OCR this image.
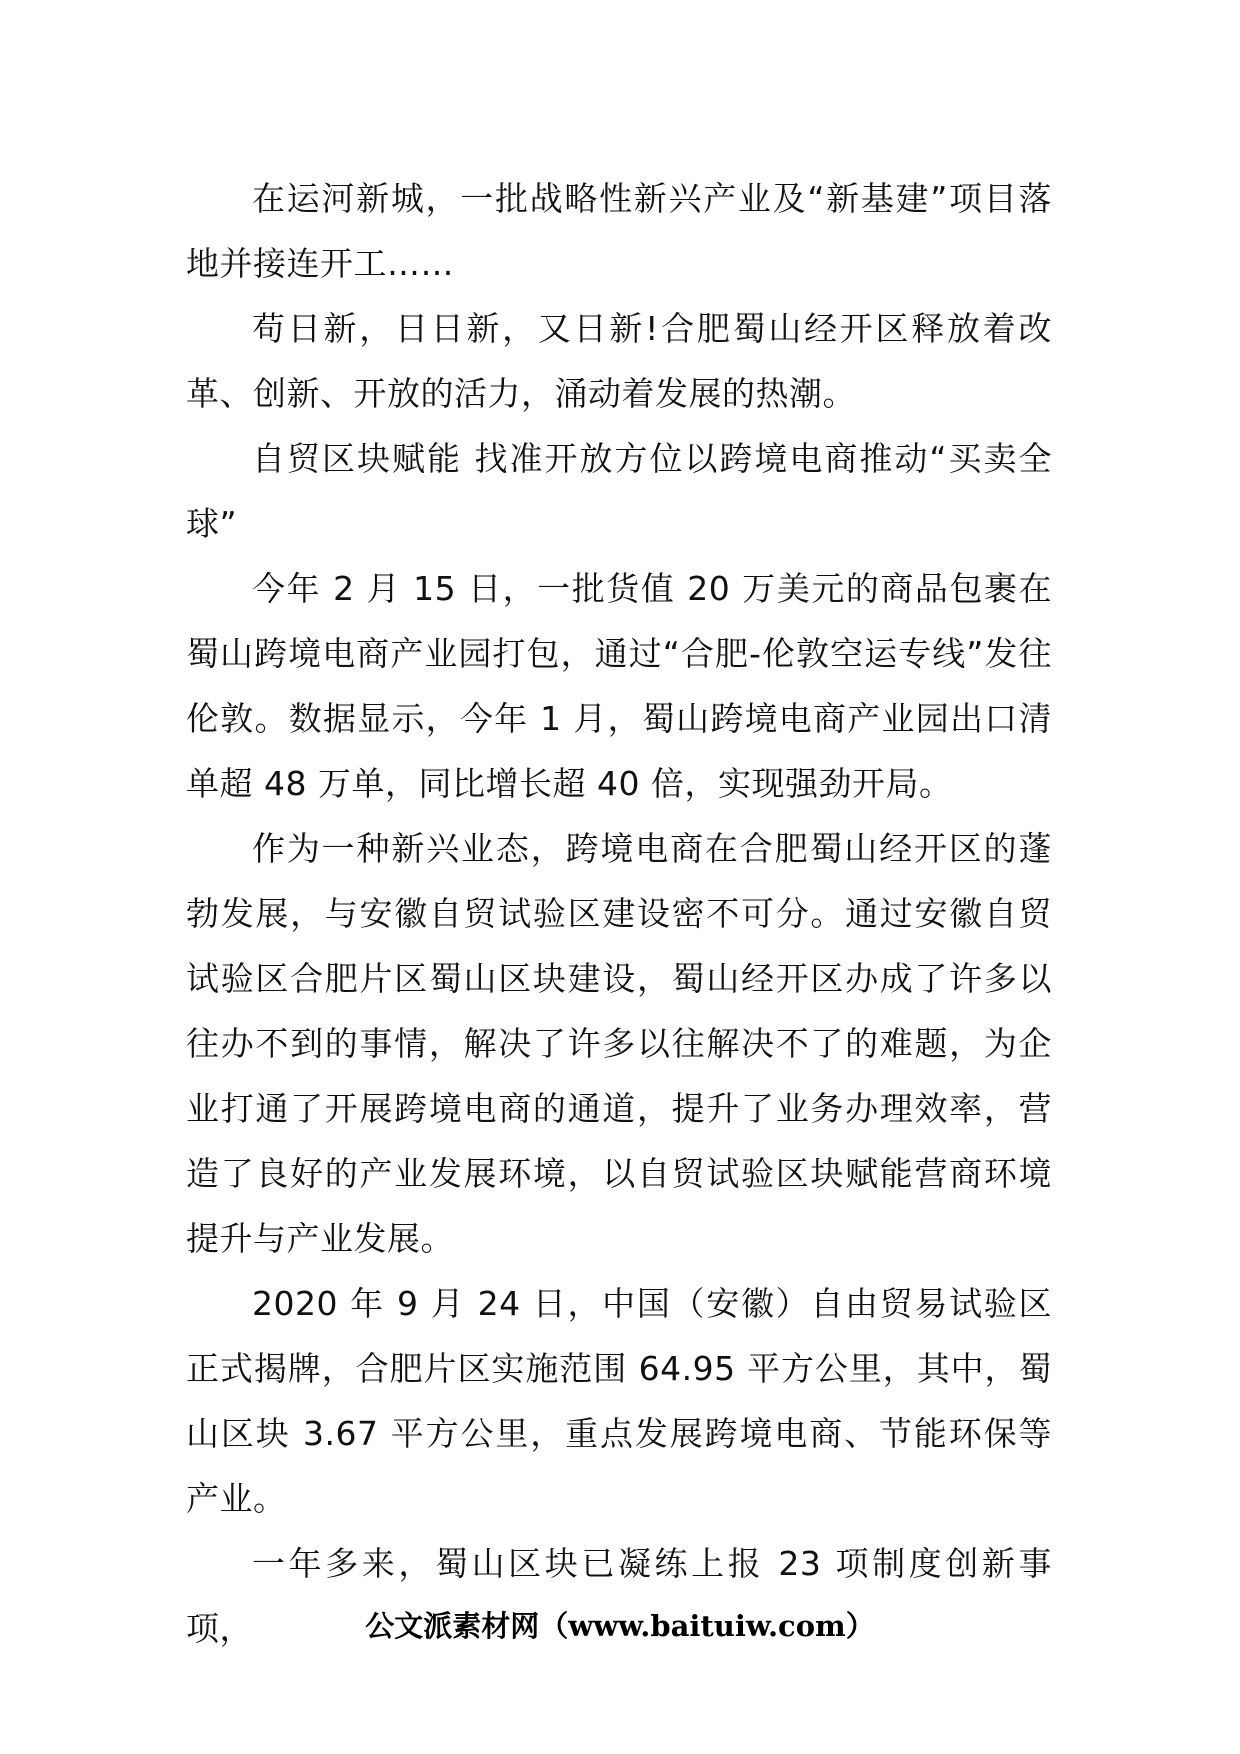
在运河新城，一批战略性新兴产业及“新基建”项目落地并接连开工……

苟日新，日日新，又日新!合肥蜀山经开区释放着改革、创新、开放的活力，涌动着发展的热潮。

自贸区块赋能 找准开放方位以跨境电商推动“买卖全球”

今年 2 月 15 日，一批货值 20 万美元的商品包裹在蜀山跨境电商产业园打包，通过“合肥-伦敦空运专线”发往伦敦。数据显示，今年 1 月，蜀山跨境电商产业园出口清单超 48 万单，同比增长超 40 倍，实现强劲开局。

作为一种新兴业态，跨境电商在合肥蜀山经开区的蓬勃发展，与安徽自贸试验区建设密不可分。通过安徽自贸试验区合肥片区蜀山区块建设，蜀山经开区办成了许多以往办不到的事情，解决了许多以往解决不了的难题，为企业打通了开展跨境电商的通道，提升了业务办理效率，营造了良好的产业发展环境，以自贸试验区块赋能营商环境提升与产业发展。

2020 年 9 月 24 日，中国（安徽）自由贸易试验区正式揭牌，合肥片区实施范围 64.95 平方公里，其中，蜀山区块 3.67 平方公里，重点发展跨境电商、节能环保等产业。

一年多来，蜀山区块已凝练上报 23 项制度创新事项，	公文派素材网（www.baituiw.com）
